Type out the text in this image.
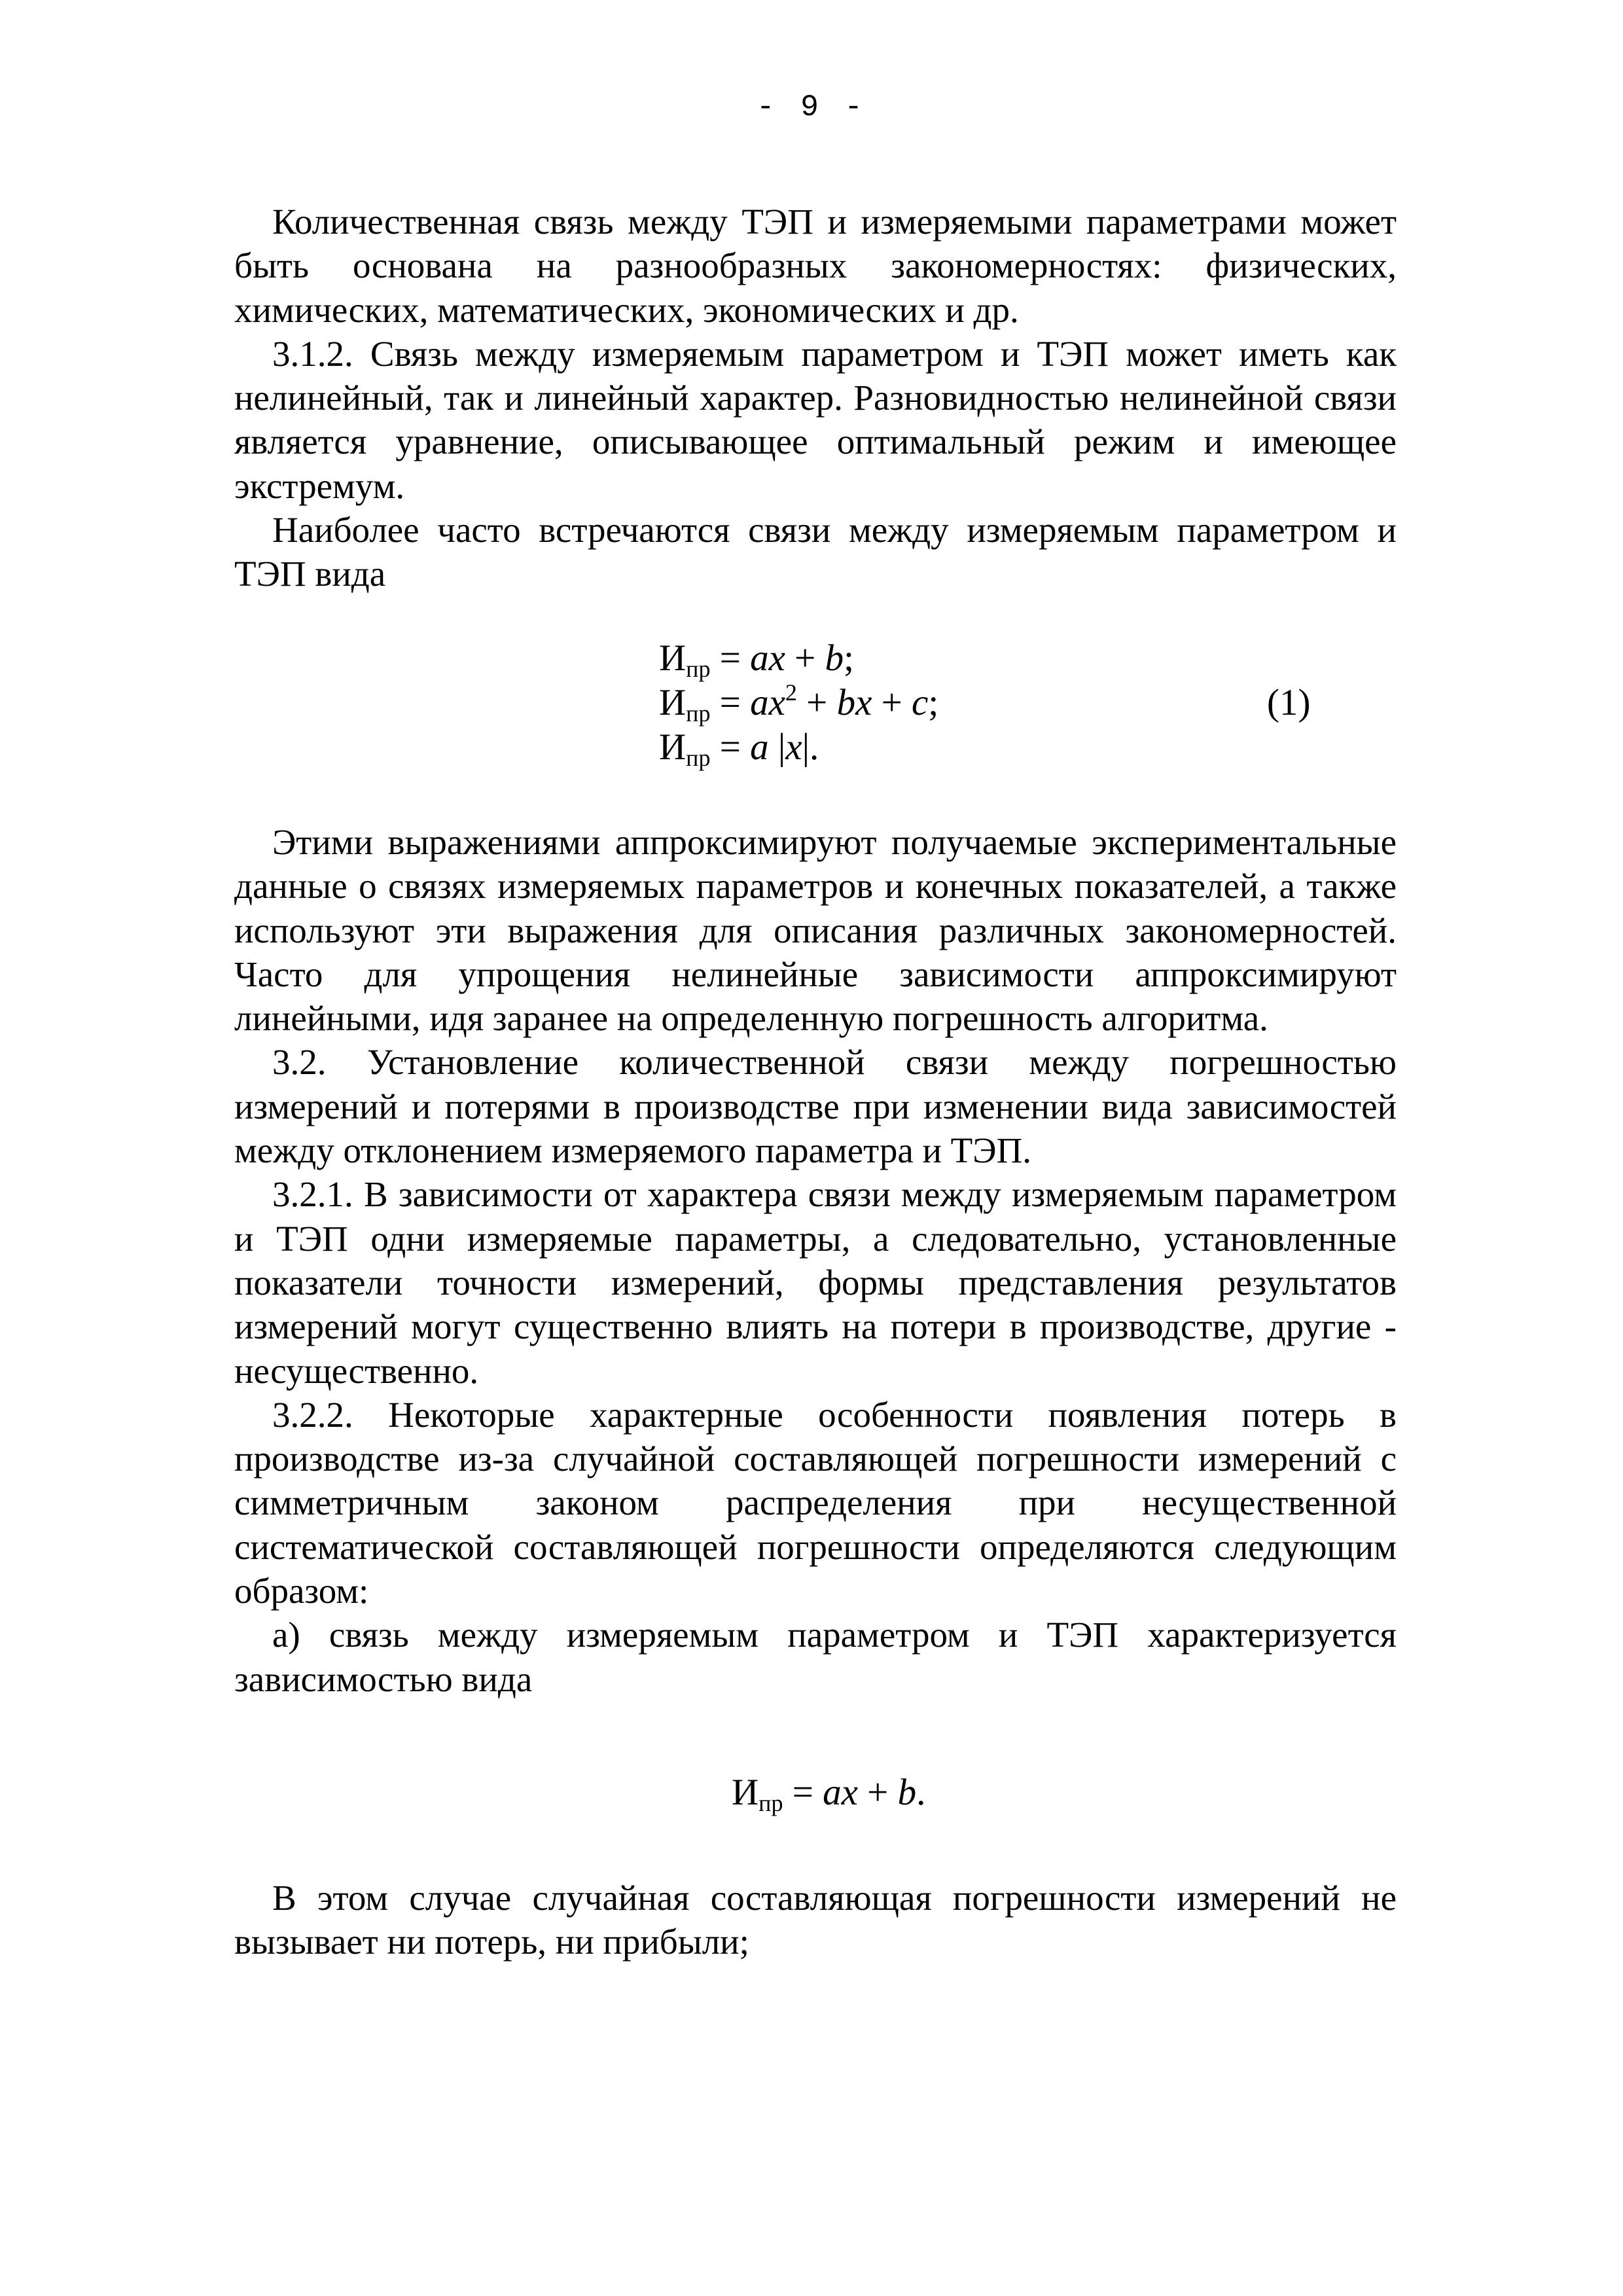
- 9 -

Количественная связь между ТЭП и измеряемыми параметрами может быть основана на разнообразных закономерностях: физических, химических, математических, экономических и др.

3.1.2. Связь между измеряемым параметром и ТЭП может иметь как нелинейный, так и линейный характер. Разновидностью нелинейной связи является уравнение, описывающее оптимальный режим и имеющее экстремум.

Наиболее часто встречаются связи между измеряемым параметром и ТЭП вида

$И_{пр}$ = ax + b;
$И_{пр} = ax^2$ + bx + c;
$И_{пр} = a$ |x|.
(1)

Этими выражениями аппроксимируют получаемые экспериментальные данные о связях измеряемых параметров и конечных показателей, а также используют эти выражения для описания различных закономерностей. Часто для упрощения нелинейные зависимости аппроксимируют линейными, идя заранее на определенную погрешность алгоритма.

3.2. Установление количественной связи между погрешностью измерений и потерями в производстве при изменении вида зависимостей между отклонением измеряемого параметра и ТЭП.

3.2.1. В зависимости от характера связи между измеряемым параметром и ТЭП одни измеряемые параметры, а следовательно, установленные показатели точности измерений, формы представления результатов измерений могут существенно влиять на потери в производстве, другие - несущественно.

3.2.2. Некоторые характерные особенности появления потерь в производстве из-за случайной составляющей погрешности измерений с симметричным законом распределения при несущественной систематической составляющей погрешности определяются следующим образом:

а) связь между измеряемым параметром и ТЭП характеризуется зависимостью вида

$И_{пр}$ = ax + b.

В этом случае случайная составляющая погрешности измерений не вызывает ни потерь, ни прибыли;
